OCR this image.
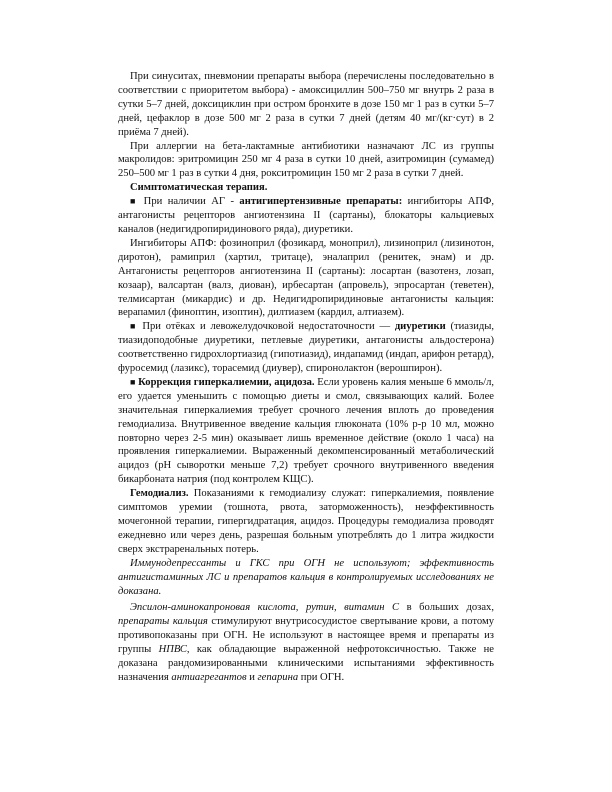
При синуситах, пневмонии препараты выбора (перечислены последовательно в соответствии с приоритетом выбора) - амоксициллин 500–750 мг внутрь 2 раза в сутки 5–7 дней, доксициклин при остром бронхите в дозе 150 мг 1 раз в сутки 5–7 дней, цефаклор в дозе 500 мг 2 раза в сутки 7 дней (детям 40 мг/(кг·сут) в 2 приёма 7 дней).

При аллергии на бета-лактамные антибиотики назначают ЛС из группы макролидов: эритромицин 250 мг 4 раза в сутки 10 дней, азитромицин (сумамед) 250–500 мг 1 раз в сутки 4 дня, рокситромицин 150 мг 2 раза в сутки 7 дней.

Симптоматическая терапия.

■ При наличии АГ - антигипертензивные препараты: ингибиторы АПФ, антагонисты рецепторов ангиотензина II (сартаны), блокаторы кальциевых каналов (недигидропиридинового ряда), диуретики.

Ингибиторы АПФ: фозиноприл (фозикард, моноприл), лизиноприл (лизинотон, диротон), рамиприл (хартил, тритаце), эналаприл (ренитек, энам) и др. Антагонисты рецепторов ангиотензина II (сартаны): лосартан (вазотенз, лозап, козаар), валсартан (валз, диован), ирбесартан (апровель), эпросартан (теветен), телмисартан (микардис) и др. Недигидропиридиновые антагонисты кальция: верапамил (финоптин, изоптин), дилтиазем (кардил, алтиазем).

■ При отёках и левожелудочковой недостаточности — диуретики (тиазиды, тиазидоподобные диуретики, петлевые диуретики, антагонисты альдостерона) соответственно гидрохлортиазид (гипотиазид), индапамид (индап, арифон ретард), фуросемид (лазикс), торасемид (диувер), спиронолактон (верошпирон).

■ Коррекция гиперкалиемии, ацидоза. Если уровень калия меньше 6 ммоль/л, его удается уменьшить с помощью диеты и смол, связывающих калий. Более значительная гиперкалиемия требует срочного лечения вплоть до проведения гемодиализа. Внутривенное введение кальция глюконата (10% р-р 10 мл, можно повторно через 2-5 мин) оказывает лишь временное действие (около 1 часа) на проявления гиперкалиемии. Выраженный декомпенсированный метаболический ацидоз (pH сыворотки меньше 7,2) требует срочного внутривенного введения бикарбоната натрия (под контролем КЩС).

Гемодиализ. Показаниями к гемодиализу служат: гиперкалиемия, появление симптомов уремии (тошнота, рвота, заторможенность), неэффективность мочегонной терапии, гипергидратация, ацидоз. Процедуры гемодиализа проводят ежедневно или через день, разрешая больным употреблять до 1 литра жидкости сверх экстраренальных потерь.

Иммунодепрессанты и ГКС при ОГН не используют; эффективность антигистаминных ЛС и препаратов кальция в контролируемых исследованиях не доказана.

Эпсилон-аминокапроновая кислота, рутин, витамин С в больших дозах, препараты кальция стимулируют внутрисосудистое свертывание крови, а потому противопоказаны при ОГН. Не используют в настоящее время и препараты из группы НПВС, как обладающие выраженной нефротоксичностью. Также не доказана рандомизированными клиническими испытаниями эффективность назначения антиагрегантов и гепарина при ОГН.
